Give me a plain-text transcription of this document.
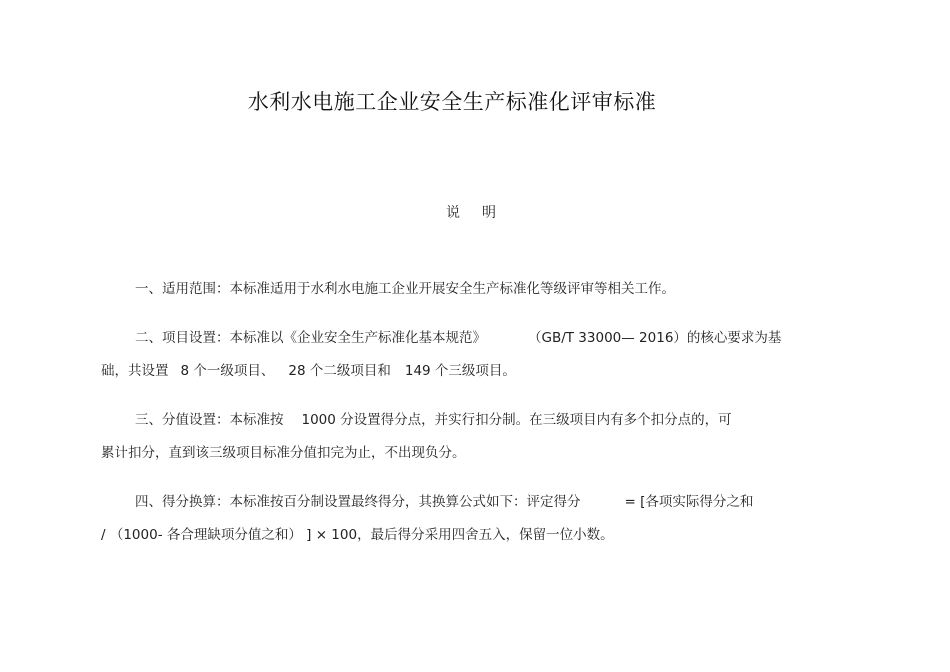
水利水电施工企业安全生产标准化评审标准
说 明
一、适用范围：本标准适用于水利水电施工企业开展安全生产标准化等级评审等相关工作。
二、项目设置：本标准以《企业安全生产标准化基本规范》	（GB/T 33000— 2016）的核心要求为基
础，共设置 8 个一级项目、 28 个二级项目和 149 个三级项目。
三、分值设置：本标准按 1000 分设置得分点，并实行扣分制。在三级项目内有多个扣分点的，可
累计扣分，直到该三级项目标准分值扣完为止，不出现负分。
四、得分换算：本标准按百分制设置最终得分，其换算公式如下：评定得分	= [各项实际得分之和
/ （1000- 各合理缺项分值之和） ] × 100，最后得分采用四舍五入，保留一位小数。
